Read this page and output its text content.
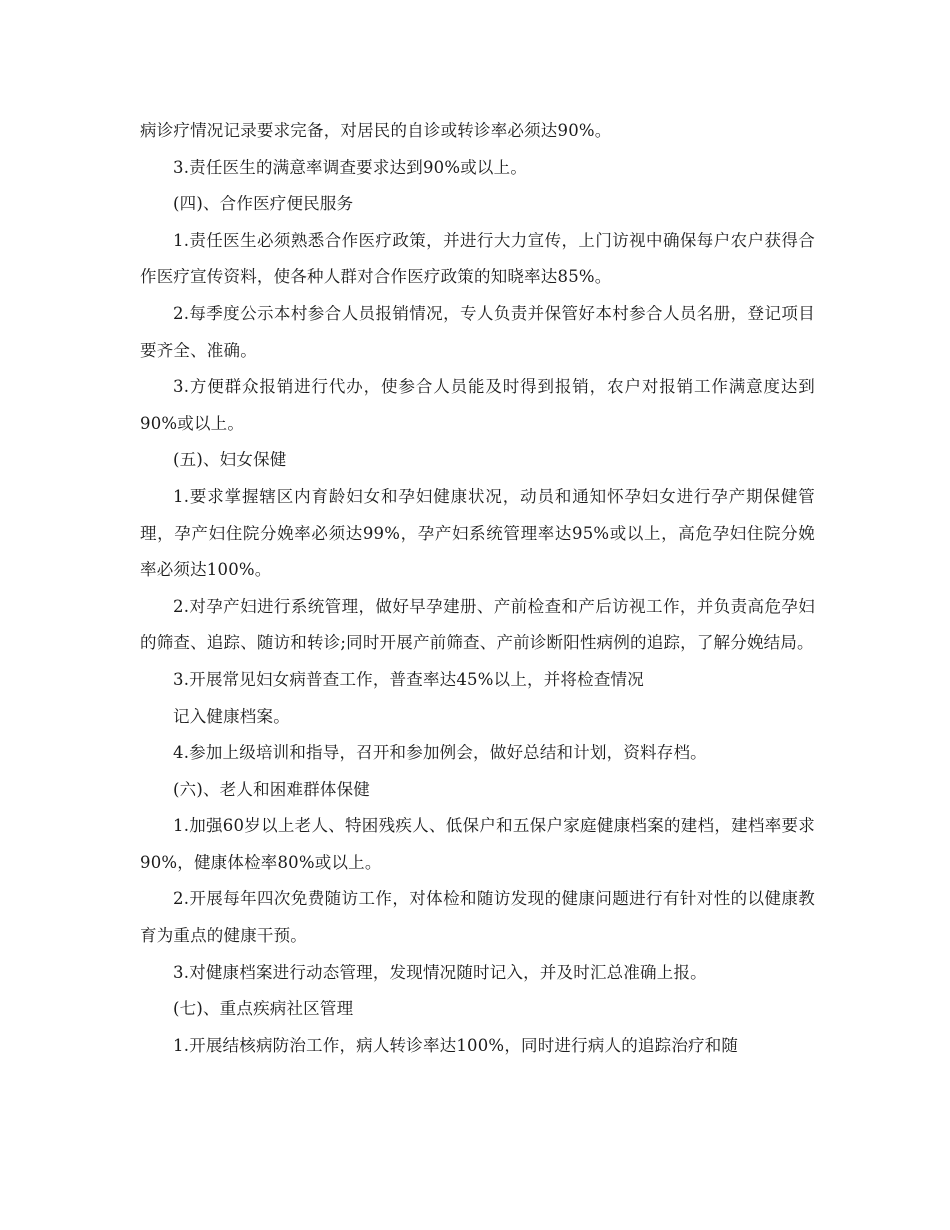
病诊疗情况记录要求完备，对居民的自诊或转诊率必须达90%。

3.责任医生的满意率调查要求达到90%或以上。

(四)、合作医疗便民服务

1.责任医生必须熟悉合作医疗政策，并进行大力宣传，上门访视中确保每户农户获得合作医疗宣传资料，使各种人群对合作医疗政策的知晓率达85%。

2.每季度公示本村参合人员报销情况，专人负责并保管好本村参合人员名册，登记项目要齐全、准确。

3.方便群众报销进行代办，使参合人员能及时得到报销，农户对报销工作满意度达到90%或以上。

(五)、妇女保健

1.要求掌握辖区内育龄妇女和孕妇健康状况，动员和通知怀孕妇女进行孕产期保健管理，孕产妇住院分娩率必须达99%，孕产妇系统管理率达95%或以上，高危孕妇住院分娩率必须达100%。

2.对孕产妇进行系统管理，做好早孕建册、产前检查和产后访视工作，并负责高危孕妇的筛查、追踪、随访和转诊;同时开展产前筛查、产前诊断阳性病例的追踪，了解分娩结局。

3.开展常见妇女病普查工作，普查率达45%以上，并将检查情况

记入健康档案。

4.参加上级培训和指导，召开和参加例会，做好总结和计划，资料存档。

(六)、老人和困难群体保健

1.加强60岁以上老人、特困残疾人、低保户和五保户家庭健康档案的建档，建档率要求90%，健康体检率80%或以上。

2.开展每年四次免费随访工作，对体检和随访发现的健康问题进行有针对性的以健康教育为重点的健康干预。

3.对健康档案进行动态管理，发现情况随时记入，并及时汇总准确上报。

(七)、重点疾病社区管理

1.开展结核病防治工作，病人转诊率达100%，同时进行病人的追踪治疗和随
